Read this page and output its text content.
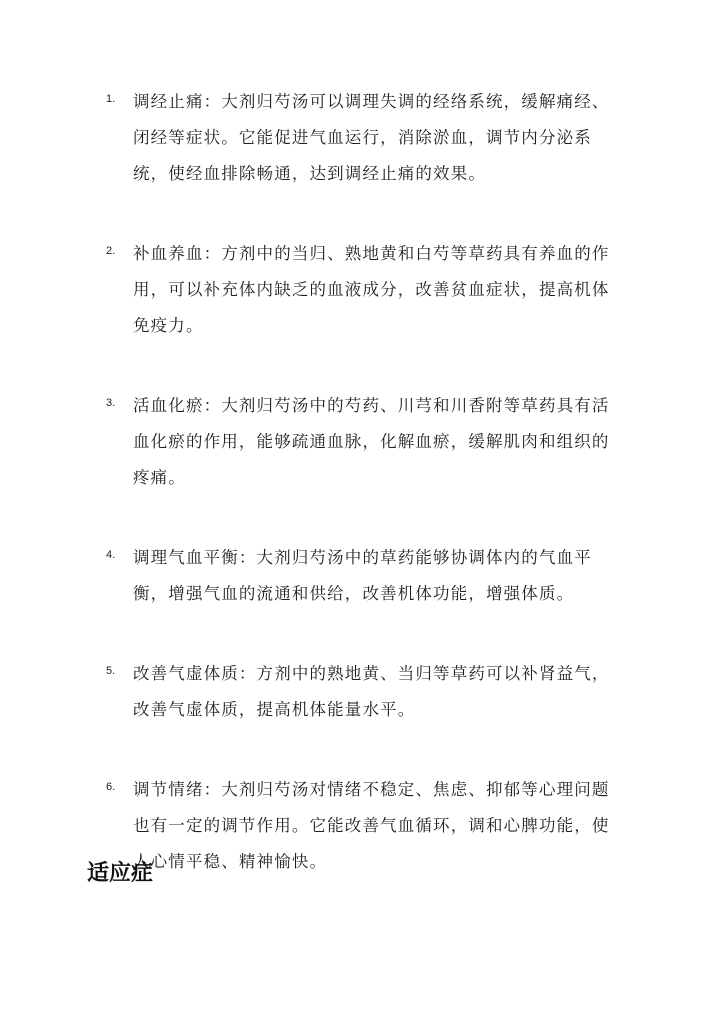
1. 调经止痛：大剂归芍汤可以调理失调的经络系统，缓解痛经、闭经等症状。它能促进气血运行，消除淤血，调节内分泌系统，使经血排除畅通，达到调经止痛的效果。

2. 补血养血：方剂中的当归、熟地黄和白芍等草药具有养血的作用，可以补充体内缺乏的血液成分，改善贫血症状，提高机体免疫力。

3. 活血化瘀：大剂归芍汤中的芍药、川芎和川香附等草药具有活血化瘀的作用，能够疏通血脉，化解血瘀，缓解肌肉和组织的疼痛。

4. 调理气血平衡：大剂归芍汤中的草药能够协调体内的气血平衡，增强气血的流通和供给，改善机体功能，增强体质。

5. 改善气虚体质：方剂中的熟地黄、当归等草药可以补肾益气，改善气虚体质，提高机体能量水平。

6. 调节情绪：大剂归芍汤对情绪不稳定、焦虑、抑郁等心理问题也有一定的调节作用。它能改善气血循环，调和心脾功能，使人心情平稳、精神愉快。

适应症
